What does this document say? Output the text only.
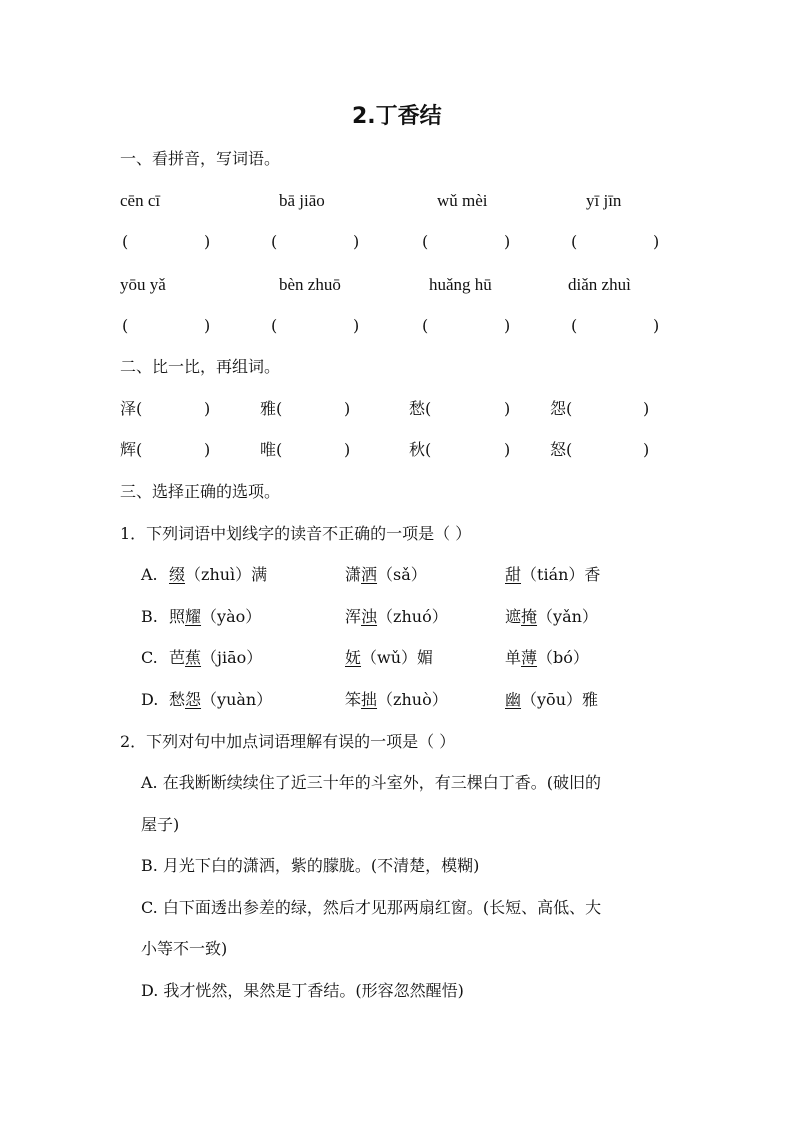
2.丁香结
一、看拼音，写词语。
cēn cī	bā jiāo	wǔ mèi	yī jīn
(	)	(	)	(	)	(	)
yōu yǎ	bèn zhuō	huǎng hū	diǎn zhuì
(	)	(	)	(	)	(	)
二、比一比，再组词。
泽(	)	雅(	)	愁(	) 怨(	)
辉(	)	唯(	)	秋(	) 怒(	)
三、选择正确的选项。
1．下列词语中划线字的读音不正确的一项是（ ）
A. 缀（zhuì）满	潇洒（sǎ）	甜（tián）香
B. 照耀（yào）	浑浊（zhuó）	遮掩（yǎn）
C. 芭蕉（jiāo）	妩（wǔ）媚	单薄（bó）
D. 愁怨（yuàn）	笨拙（zhuò）	幽（yōu）雅
2．下列对句中加点词语理解有误的一项是（ ）
A. 在我断断续续住了近三十年的斗室外，有三棵白丁香。(破旧的
屋子)
B. 月光下白的潇洒，紫的朦胧。(不清楚，模糊)
C. 白下面透出参差的绿，然后才见那两扇红窗。(长短、高低、大
小等不一致)
D. 我才恍然，果然是丁香结。(形容忽然醒悟)
